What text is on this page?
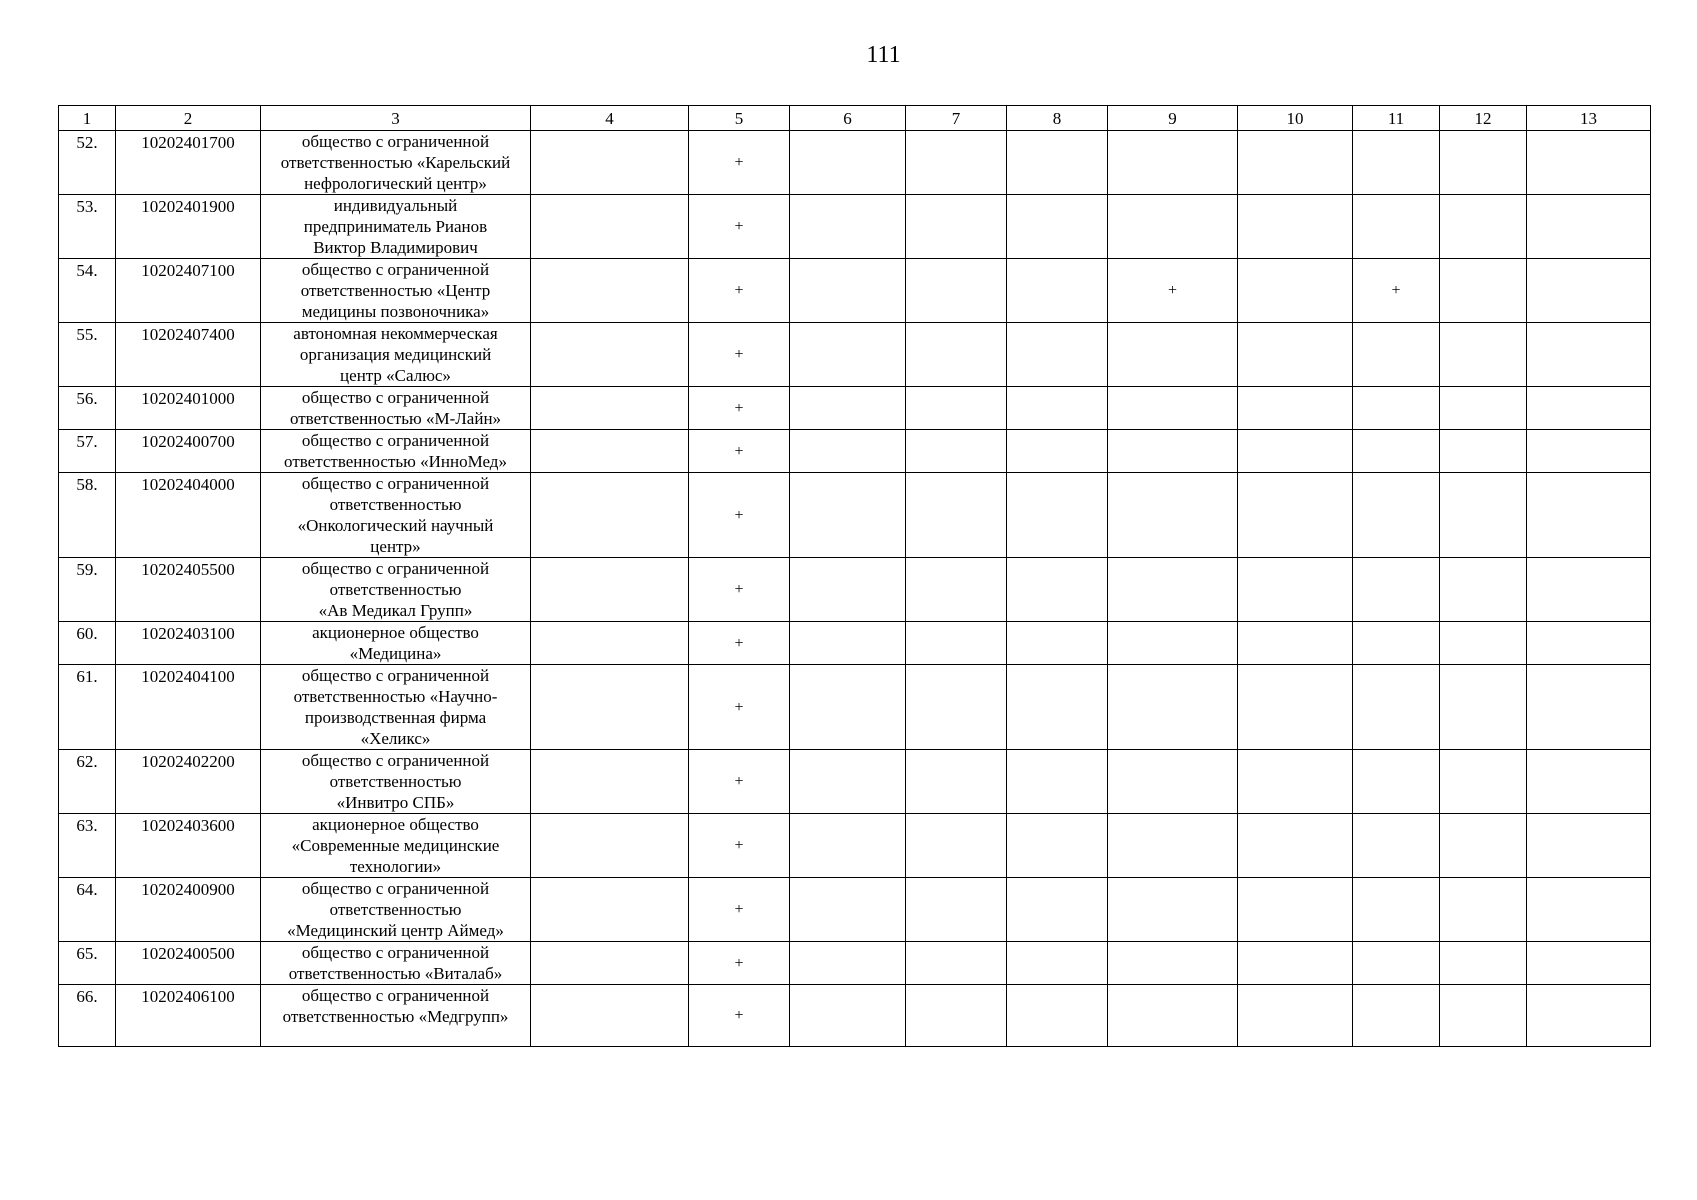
111
1	2	3	4	5	6	7	8	9	10	11	12	13
52.	10202401700	общество с ограниченной
ответственностью «Карельский
нефрологический центр»		+								
53.	10202401900	индивидуальный
предприниматель Рианов
Виктор Владимирович		+								
54.	10202407100	общество с ограниченной
ответственностью «Центр
медицины позвоночника»		+				+		+		
55.	10202407400	автономная некоммерческая
организация медицинский
центр «Салюс»		+								
56.	10202401000	общество с ограниченной
ответственностью «М-Лайн»		+								
57.	10202400700	общество с ограниченной
ответственностью «ИнноМед»		+								
58.	10202404000	общество с ограниченной
ответственностью
«Онкологический научный
центр»		+								
59.	10202405500	общество с ограниченной
ответственностью
«Ав Медикал Групп»		+								
60.	10202403100	акционерное общество
«Медицина»		+								
61.	10202404100	общество с ограниченной
ответственностью «Научно-
производственная фирма
«Хеликс»		+								
62.	10202402200	общество с ограниченной
ответственностью
«Инвитро СПБ»		+								
63.	10202403600	акционерное общество
«Современные медицинские
технологии»		+								
64.	10202400900	общество с ограниченной
ответственностью
«Медицинский центр Аймед»		+								
65.	10202400500	общество с ограниченной
ответственностью «Виталаб»		+								
66.	10202406100	общество с ограниченной
ответственностью «Медгрупп»		+								
